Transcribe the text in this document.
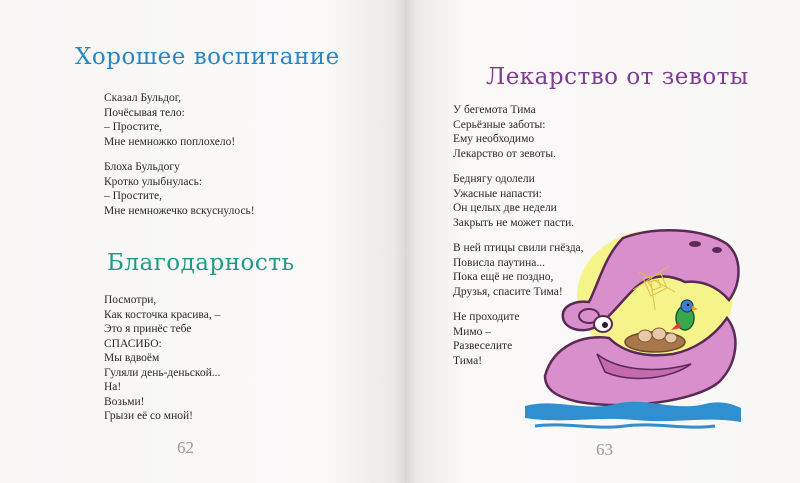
Хорошее воспитание

Сказал Бульдог,
Почёсывая тело:
– Простите,
Мне немножко поплохело!

Блоха Бульдогу
Кротко улыбнулась:
– Простите,
Мне немножечко вскуснулось!

Благодарность

Посмотри,
Как косточка красива, –
Это я принёс тебе
СПАСИБО:
Мы вдвоём
Гуляли день-деньской...
На!
Возьми!
Грызи её со мной!

62
Лекарство от зевоты

У бегемота Тима
Серьёзные заботы:
Ему необходимо
Лекарство от зевоты.

Беднягу одолели
Ужасные напасти:
Он целых две недели
Закрыть не может пасти.

В ней птицы свили гнёзда,
Повисла паутина...
Пока ещё не поздно,
Друзья, спасите Тима!

Не проходите
Мимо –
Развеселите
Тима!

63
